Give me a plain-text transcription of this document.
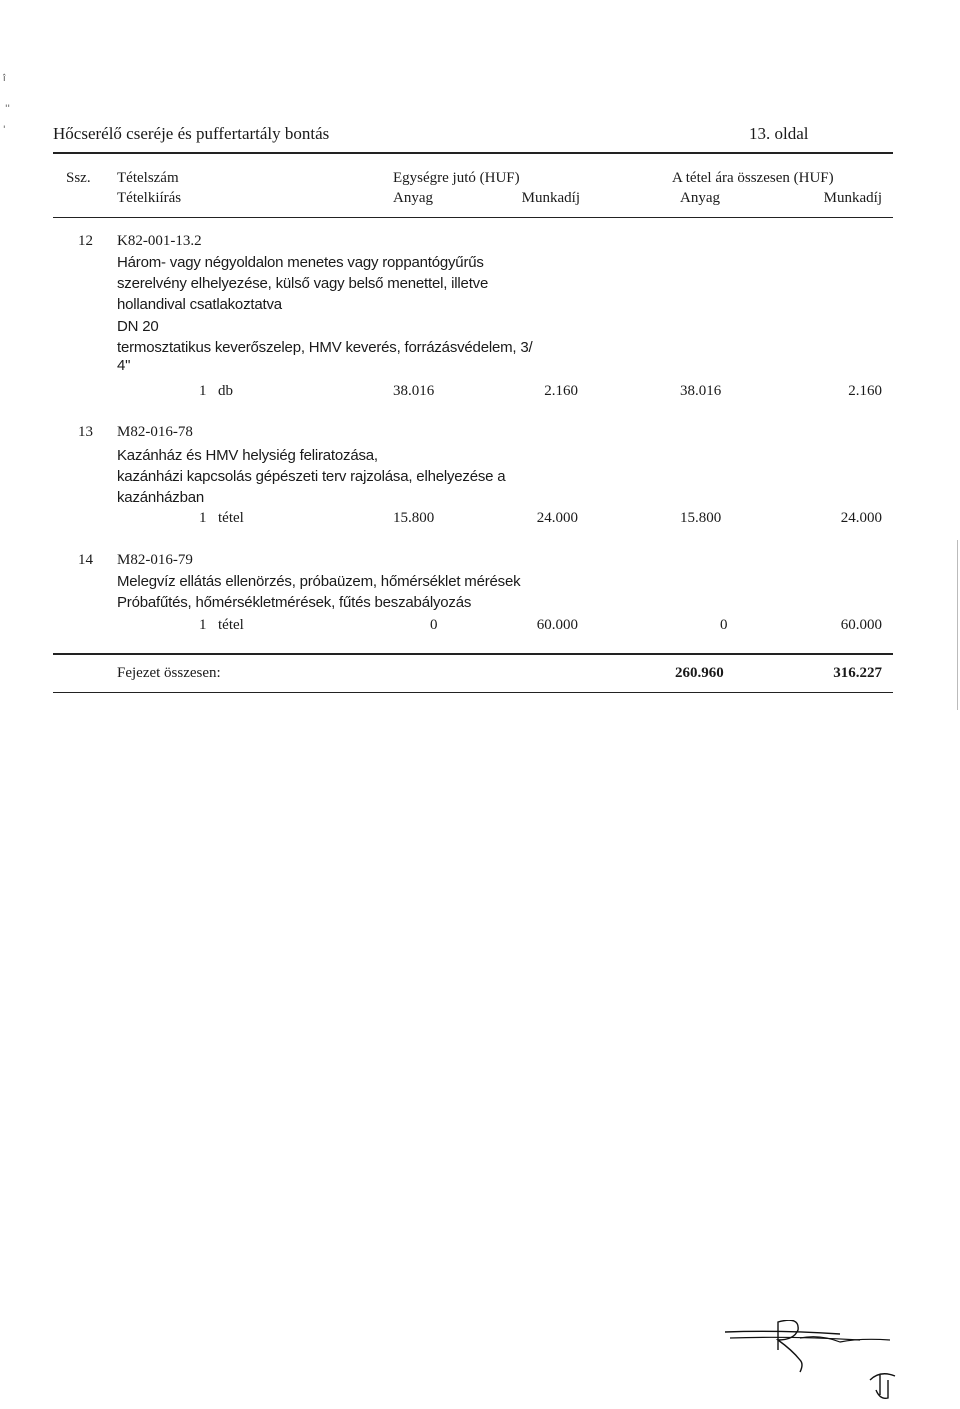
î
''
'	Hőcserélő cseréje és puffertartály bontás	13. oldal
Ssz. Tételszám
Tételkiírás
Egységre jutó (HUF)
Anyag	Munkadíj
A tétel ára összesen (HUF)
Anyag	Munkadíj
12 K82-001-13.2
Három- vagy négyoldalon menetes vagy roppantógyűrűs
szerelvény elhelyezése, külső vagy belső menettel, illetve
hollandival csatlakoztatva
DN 20
termosztatikus keverőszelep, HMV keverés, forrázásvédelem, 3/
4"
1 db	38.016	2.160	38.016	2.160
13 M82-016-78
Kazánház és HMV helysiég feliratozása,
kazánházi kapcsolás gépészeti terv rajzolása, elhelyezése a
kazánházban
1 tétel	15.800	24.000	15.800	24.000
14 M82-016-79
Melegvíz ellátás ellenörzés, próbaüzem, hőmérséklet mérések
Próbafűtés, hőmérsékletmérések, fűtés beszabályozás
1 tétel	0	60.000	0	60.000
Fejezet összesen:	260.960	316.227
